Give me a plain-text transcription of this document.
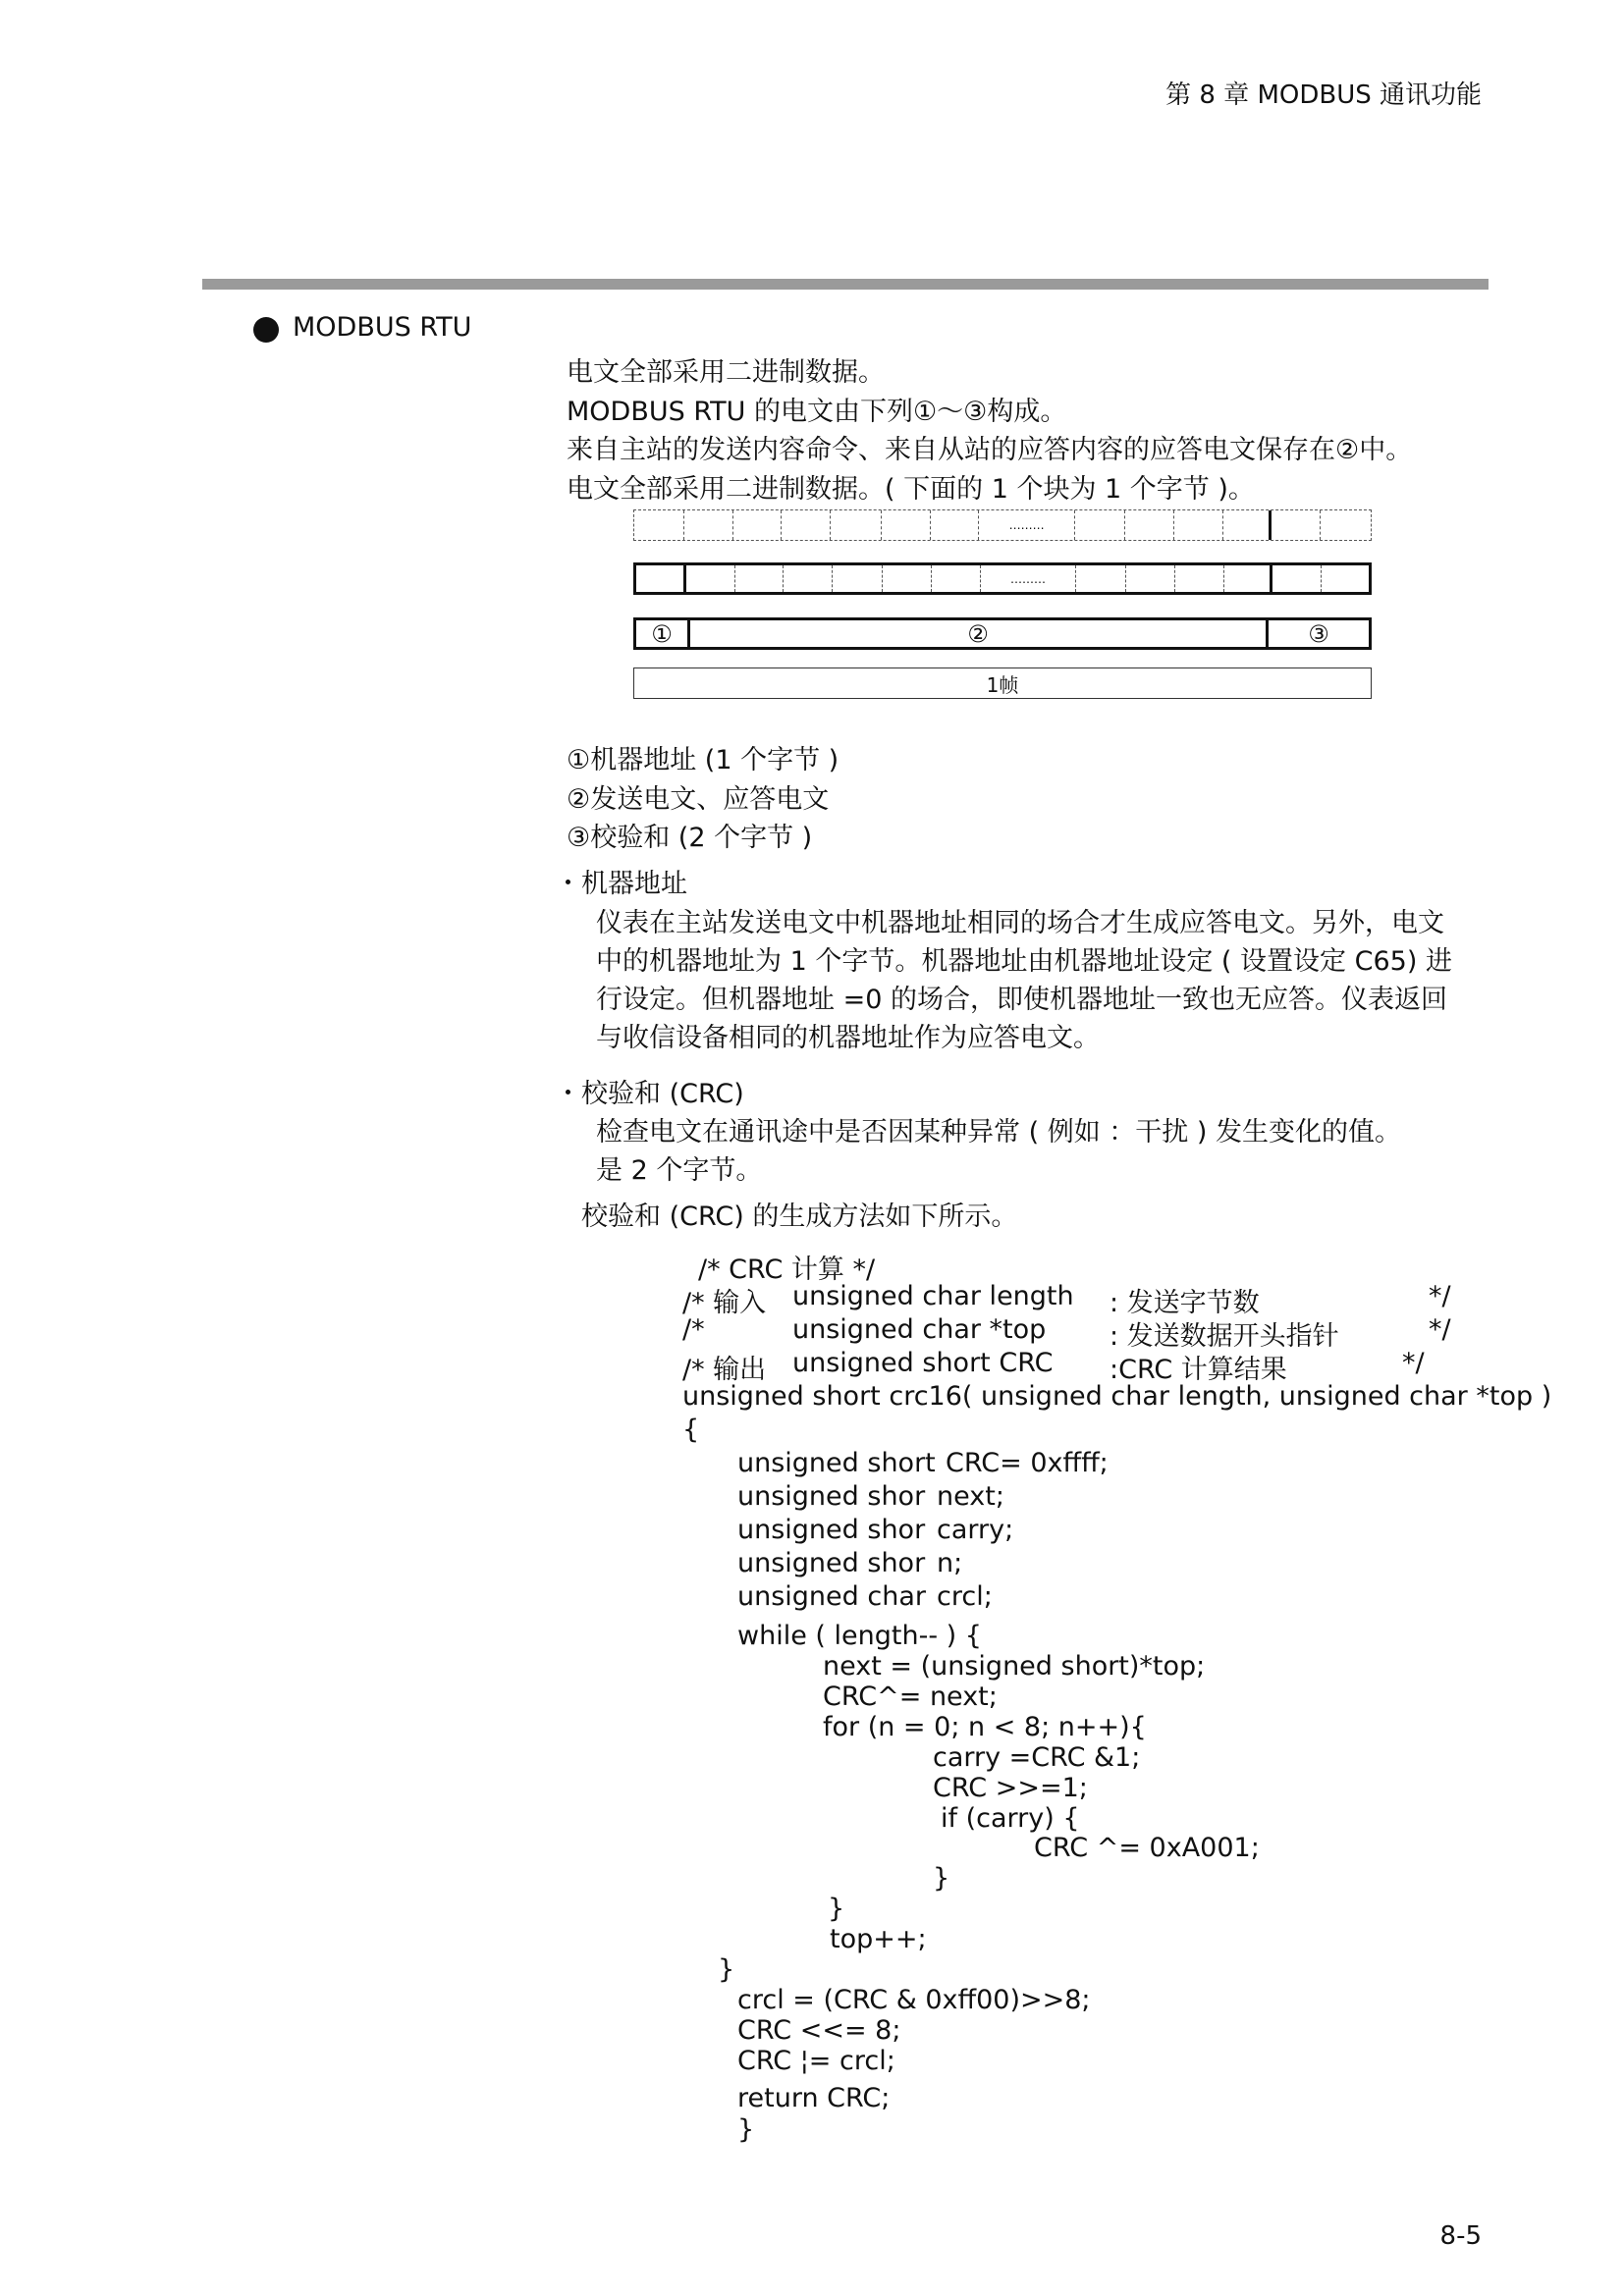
第 8 章 MODBUS 通讯功能
MODBUS RTU
电文全部采用二进制数据。
MODBUS RTU 的电文由下列①～③构成。
来自主站的发送内容命令、来自从站的应答内容的应答电文保存在②中。
电文全部采用二进制数据。( 下面的 1 个块为 1 个字节 )。
………
………
①	②	③
1帧
①机器地址 (1 个字节 )
②发送电文、应答电文
③校验和 (2 个字节 )
・机器地址
仪表在主站发送电文中机器地址相同的场合才生成应答电文。另外，电文
中的机器地址为 1 个字节。机器地址由机器地址设定 ( 设置设定 C65) 进
行设定。但机器地址 =0 的场合，即使机器地址一致也无应答。仪表返回
与收信设备相同的机器地址作为应答电文。
・校验和 (CRC)
检查电文在通讯途中是否因某种异常 ( 例如 ：干扰 ) 发生变化的值。
是 2 个字节。
校验和 (CRC) 的生成方法如下所示。
/* CRC 计算 */
/* 输入 unsigned char length : 发送字节数	*/
/*	unsigned char *top : 发送数据开头指针	*/
/* 输出 unsigned short CRC :CRC 计算结果	*/
unsigned short crc16( unsigned char length, unsigned char *top )
{
unsigned short CRC= 0xffff;
unsigned shor next;
unsigned shor carry;
unsigned shor n;
unsigned char crcl;
while ( length-- ) {
next = (unsigned short)*top;
CRC^= next;
for (n = 0; n < 8; n++){
carry =CRC &1;
CRC >>=1;
if (carry) {
CRC ^= 0xA001;
}
}
top++;
}
crcl = (CRC & 0xff00)>>8;
CRC <<= 8;
CRC ¦= crcl;
return CRC;
}
8-5
